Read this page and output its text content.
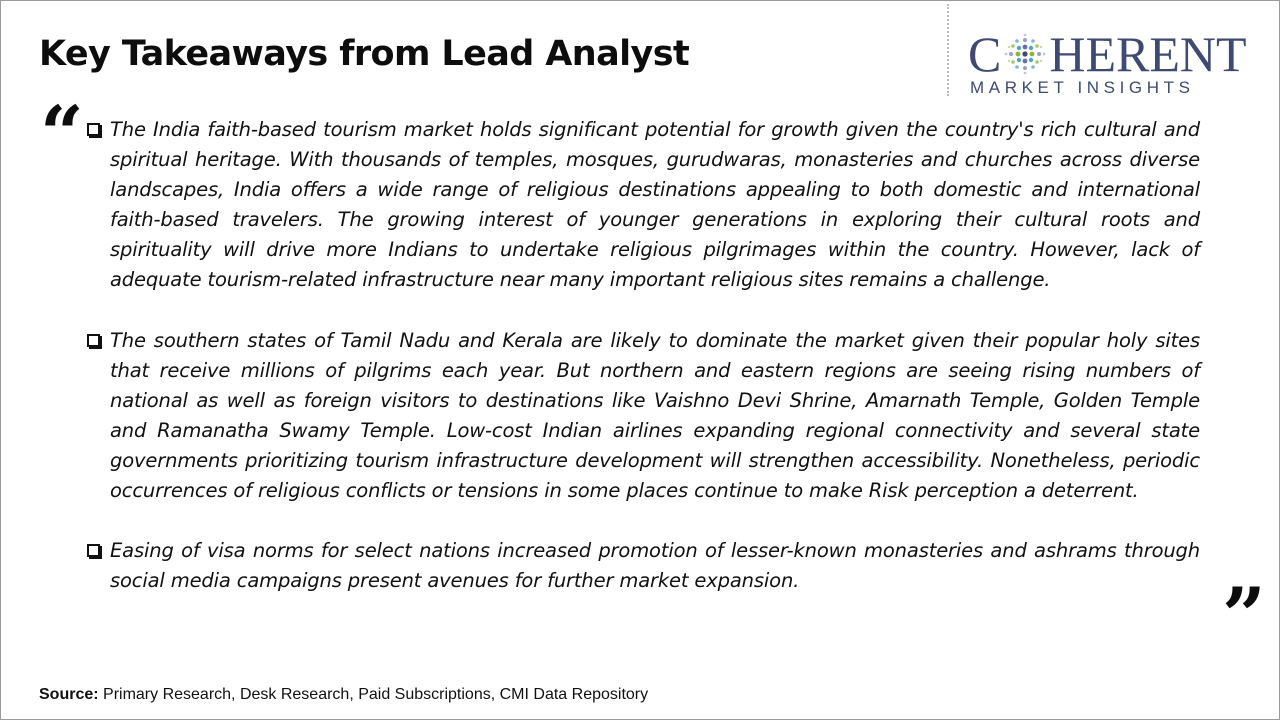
Key Takeaways from Lead Analyst	C HERENT
MARKET INSIGHTS
“ The India faith-based tourism market holds significant potential for growth given the country's rich cultural and spiritual heritage. With thousands of temples, mosques, gurudwaras, monasteries and churches across diverse landscapes, India offers a wide range of religious destinations appealing to both domestic and international faith-based travelers. The growing interest of younger generations in exploring their cultural roots and spirituality will drive more Indians to undertake religious pilgrimages within the country. However, lack of adequate tourism-related infrastructure near many important religious sites remains a challenge.
The southern states of Tamil Nadu and Kerala are likely to dominate the market given their popular holy sites that receive millions of pilgrims each year. But northern and eastern regions are seeing rising numbers of national as well as foreign visitors to destinations like Vaishno Devi Shrine, Amarnath Temple, Golden Temple and Ramanatha Swamy Temple. Low-cost Indian airlines expanding regional connectivity and several state governments prioritizing tourism infrastructure development will strengthen accessibility. Nonetheless, periodic occurrences of religious conflicts or tensions in some places continue to make Risk perception a deterrent.
Easing of visa norms for select nations increased promotion of lesser-known monasteries and ashrams through social media campaigns present avenues for further market expansion.	”
Source: Primary Research, Desk Research, Paid Subscriptions, CMI Data Repository
